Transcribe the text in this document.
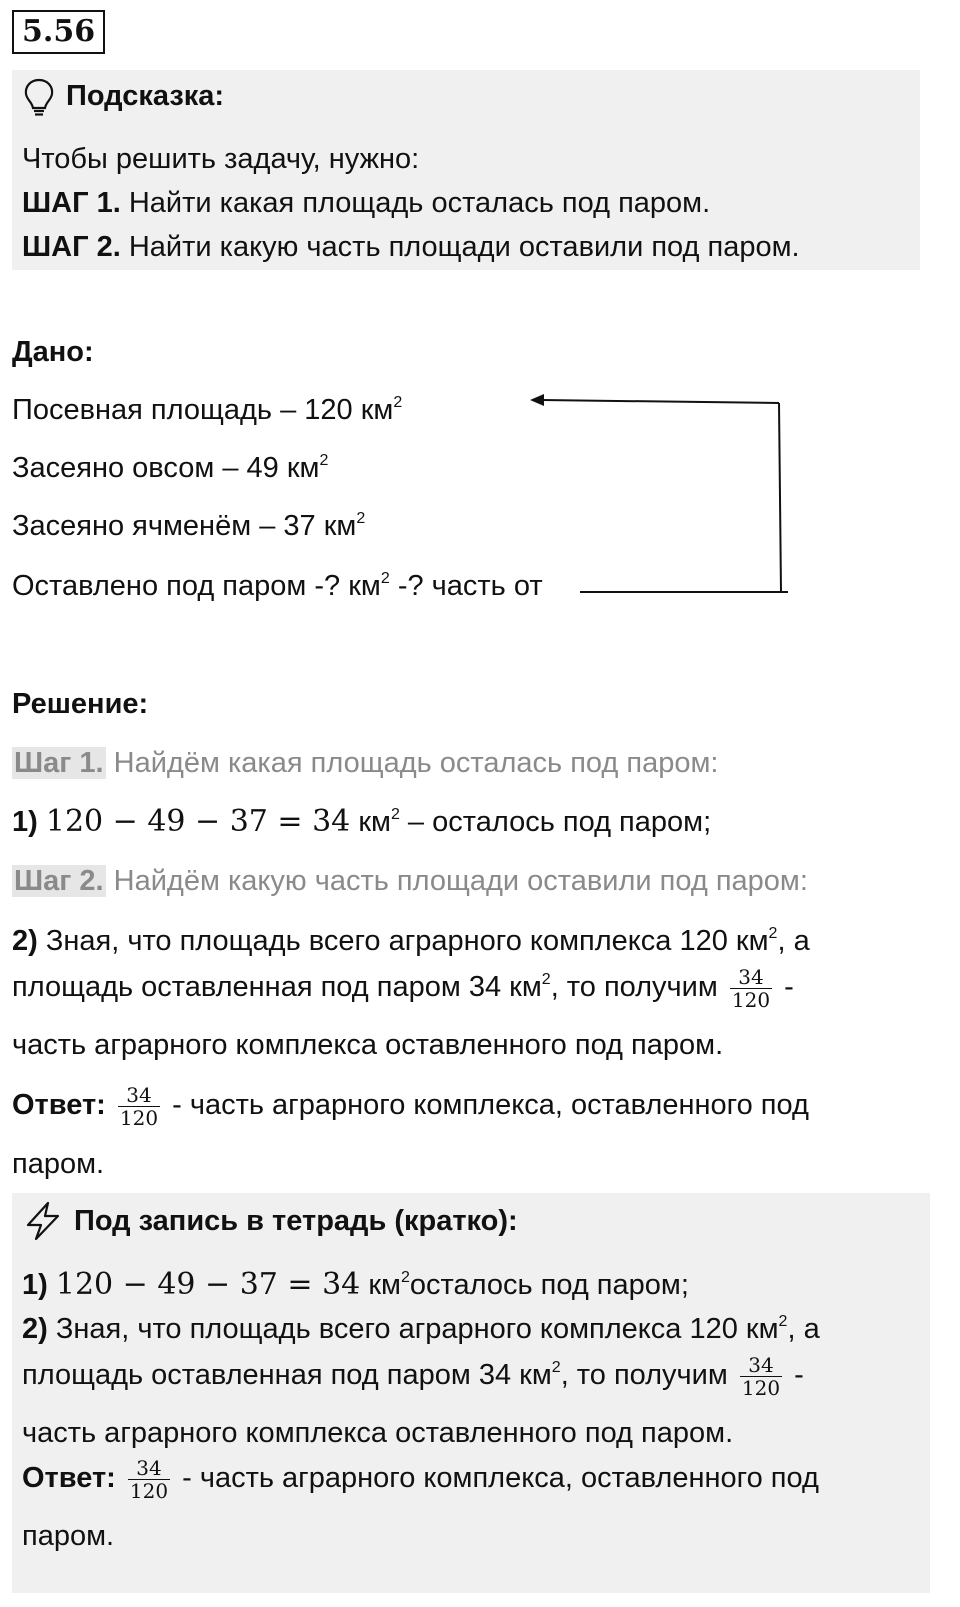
5.56
Подсказка:
Чтобы решить задачу, нужно:
ШАГ 1. Найти какая площадь осталась под паром.
ШАГ 2. Найти какую часть площади оставили под паром.
Дано:
Посевная площадь – 120 $км^2$
Засеяно овсом – 49 $км^2$
Засеяно ячменём – 37 $км^2$
Оставлено под паром -? $км^2$ -? часть от
Решение:
Шаг 1. Найдём какая площадь осталась под паром:
1) 120 − 49 − 37 = 34 $км^2$ – осталось под паром;
Шаг 2. Найдём какую часть площади оставили под паром:
2) Зная, что площадь всего аграрного комплекса 120 $км^2$, а
площадь оставленная под паром 34 $км^2$, то получим $\frac{34}{120}$ -
часть аграрного комплекса оставленного под паром.
Ответ: $\frac{34}{120}$ - часть аграрного комплекса, оставленного под
паром.
Под запись в тетрадь (кратко):
1) 120 − 49 − 37 = 34 $км^2осталось$ под паром;
2) Зная, что площадь всего аграрного комплекса 120 $км^2$, а
площадь оставленная под паром 34 $км^2$, то получим $\frac{34}{120}$ -
часть аграрного комплекса оставленного под паром.
Ответ: $\frac{34}{120}$ - часть аграрного комплекса, оставленного под
паром.
